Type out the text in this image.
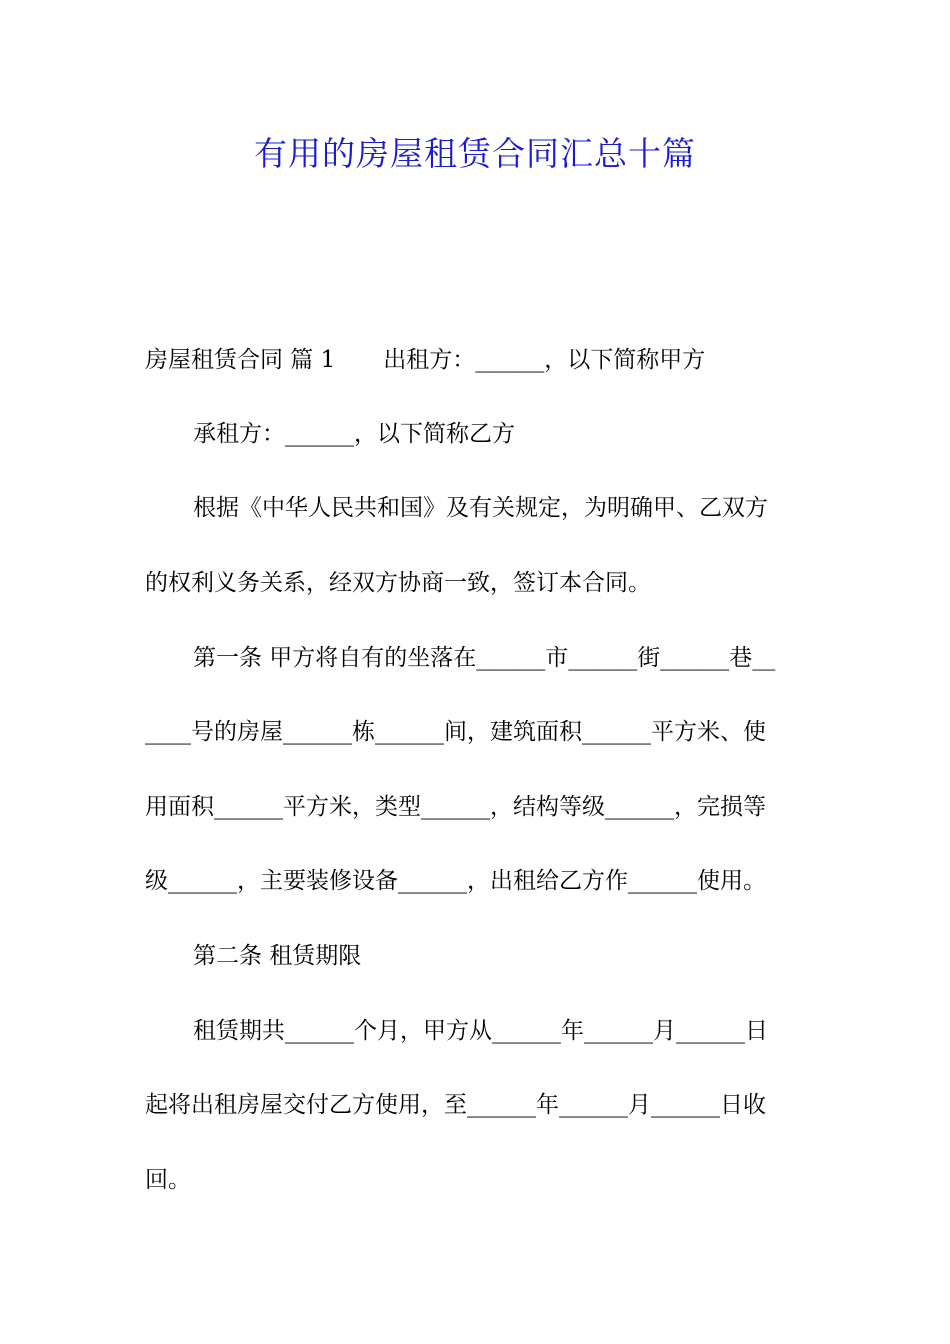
有用的房屋租赁合同汇总十篇
房屋租赁合同 篇 1 出租方：______，以下简称甲方
承租方：______，以下简称乙方
根据《中华人民共和国》及有关规定，为明确甲、乙双方
的权利义务关系，经双方协商一致，签订本合同。
第一条 甲方将自有的坐落在______市______街______巷__
____号的房屋______栋______间，建筑面积______平方米、使
用面积______平方米，类型______，结构等级______，完损等
级______，主要装修设备______，出租给乙方作______使用。
第二条 租赁期限
租赁期共______个月，甲方从______年______月______日
起将出租房屋交付乙方使用，至______年______月______日收
回。
